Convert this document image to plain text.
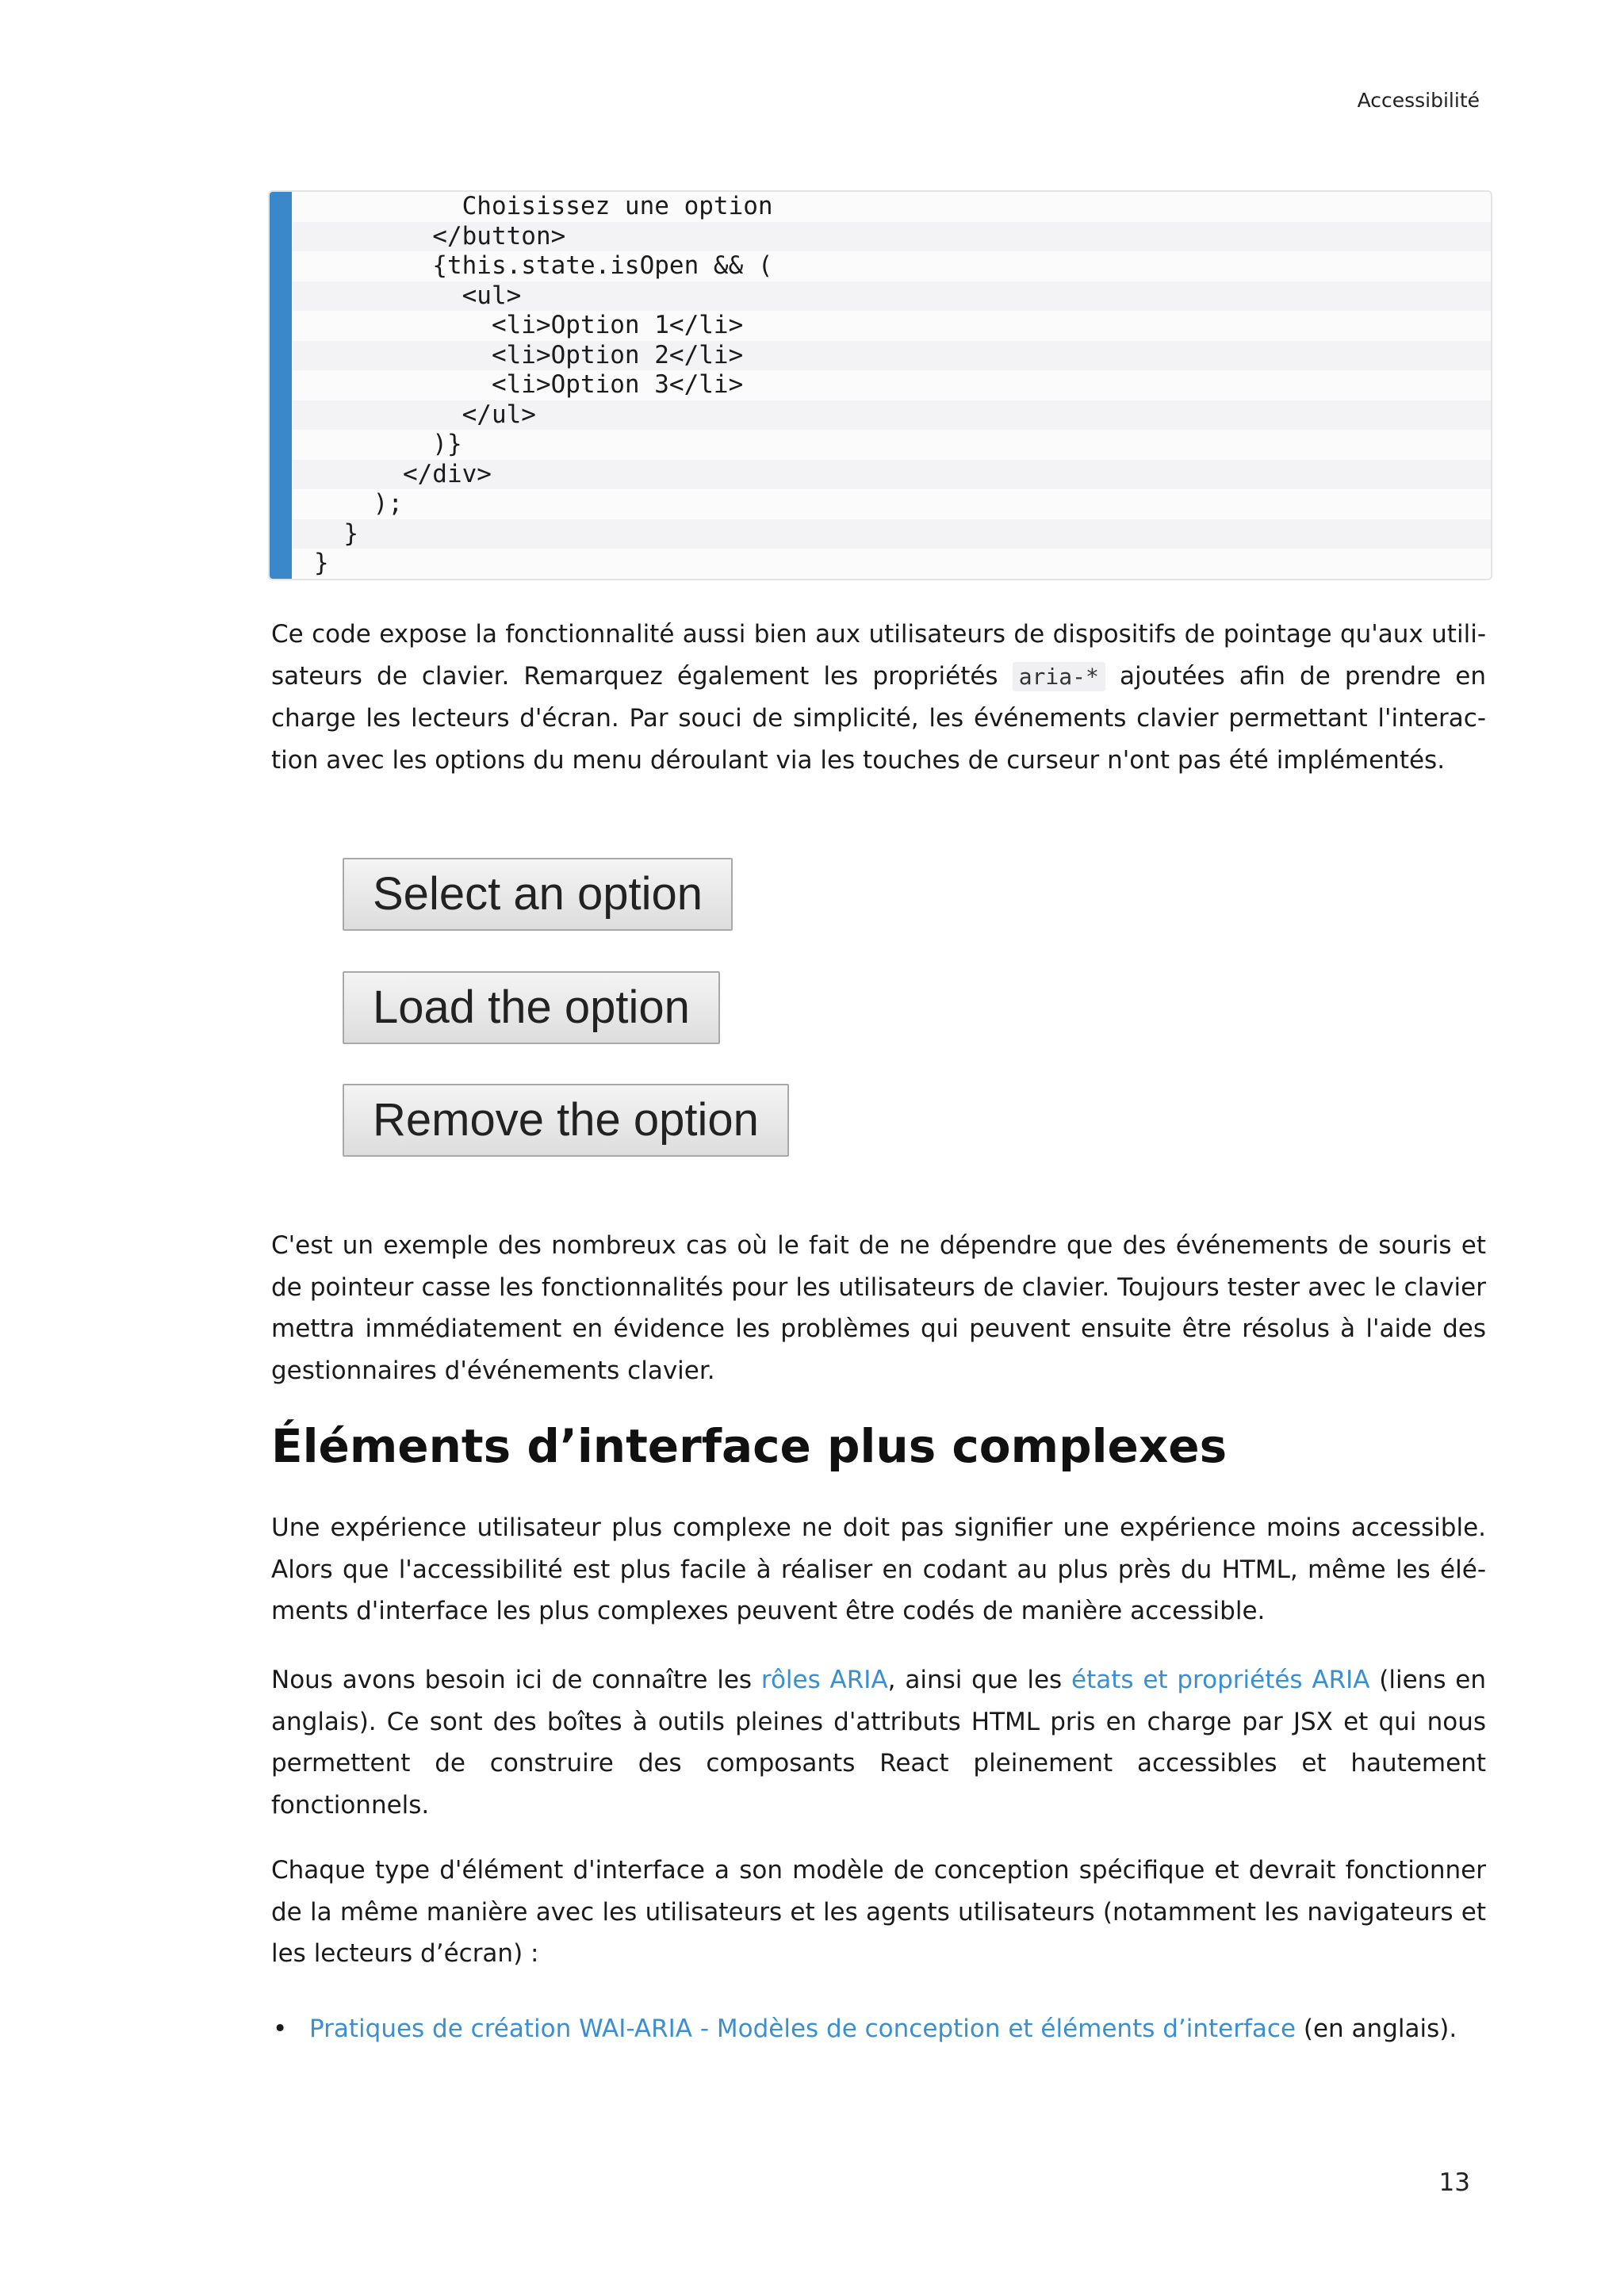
Accessibilité
Choisissez une option
</button>
{this.state.isOpen && (
<ul>
<li>Option 1</li>
<li>Option 2</li>
<li>Option 3</li>
</ul>
)}
</div>
);
}
}
Ce code expose la fonctionnalité aussi bien aux utilisateurs de dispositifs de pointage qu'aux utilisateurs de clavier. Remarquez également les propriétés aria-* ajoutées afin de prendre en charge les lecteurs d'écran. Par souci de simplicité, les événements clavier permettant l'interaction avec les options du menu déroulant via les touches de curseur n'ont pas été implémentés.
Select an option
Load the option
Remove the option
C'est un exemple des nombreux cas où le fait de ne dépendre que des événements de souris et de pointeur casse les fonctionnalités pour les utilisateurs de clavier. Toujours tester avec le clavier mettra immédiatement en évidence les problèmes qui peuvent ensuite être résolus à l'aide des gestionnaires d'événements clavier.
Éléments d’interface plus complexes
Une expérience utilisateur plus complexe ne doit pas signifier une expérience moins accessible. Alors que l'accessibilité est plus facile à réaliser en codant au plus près du HTML, même les éléments d'interface les plus complexes peuvent être codés de manière accessible.
Nous avons besoin ici de connaître les rôles ARIA, ainsi que les états et propriétés ARIA (liens en anglais). Ce sont des boîtes à outils pleines d'attributs HTML pris en charge par JSX et qui nous permettent de construire des composants React pleinement accessibles et hautement fonctionnels.
Chaque type d'élément d'interface a son modèle de conception spécifique et devrait fonctionner de la même manière avec les utilisateurs et les agents utilisateurs (notamment les navigateurs et les lecteurs d’écran) :
• Pratiques de création WAI-ARIA - Modèles de conception et éléments d’interface (en anglais).
13
